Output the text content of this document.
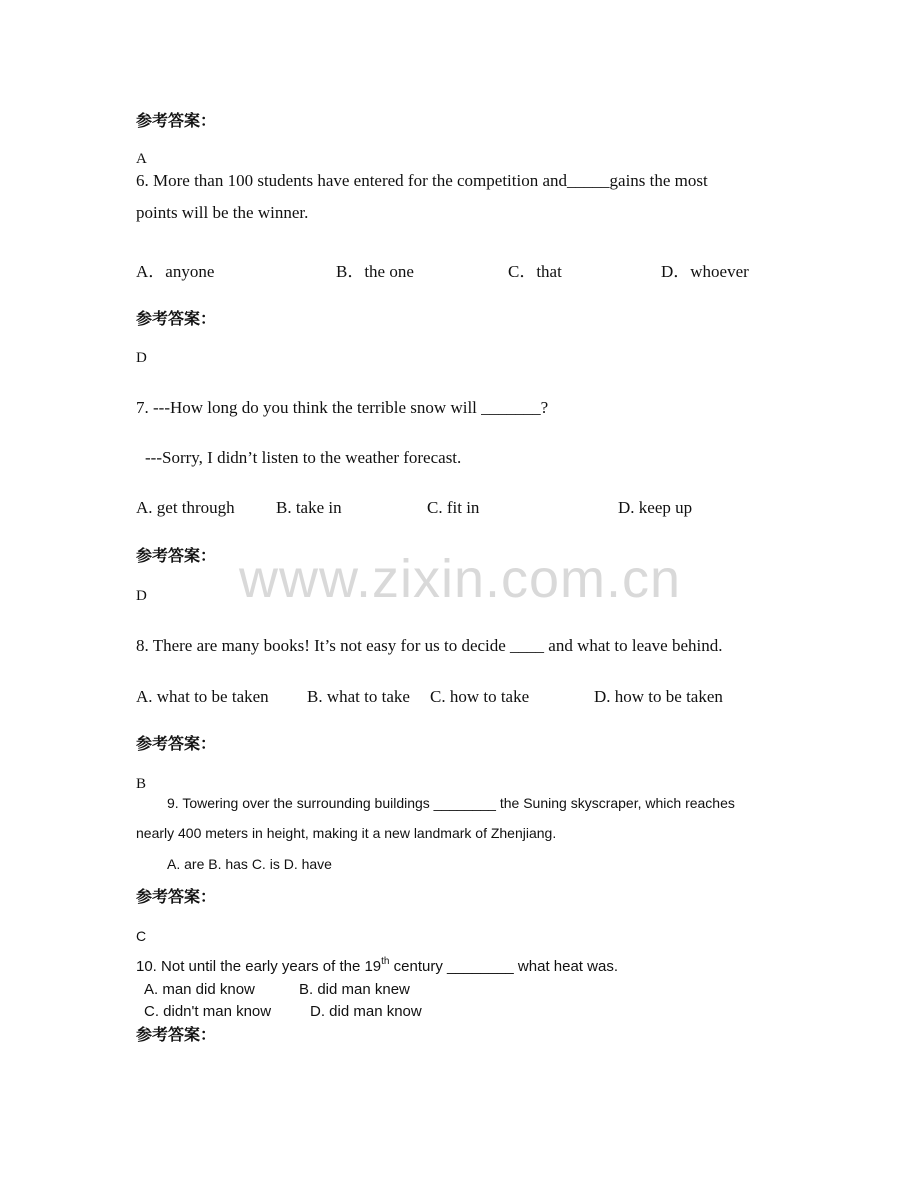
www.zixin.com.cn
参考答案：
A
6. More than 100 students have entered for the competition and_____gains the most
points will be the winner.
A．anyone	B．the one	C．that	D．whoever
参考答案：
D
7. ---How long do you think the terrible snow will _______?
---Sorry, I didn’t listen to the weather forecast.
A. get through B. take in	C. fit in	D. keep up
参考答案：
D
8. There are many books! It’s not easy for us to decide ____ and what to leave behind.
A. what to be taken B. what to take C. how to take	D. how to be taken
参考答案：
B
9. Towering over the surrounding buildings ________ the Suning skyscraper, which reaches
nearly 400 meters in height, making it a new landmark of Zhenjiang.
A. are B. has C. is D. have
参考答案：
C
10. Not until the early years of the 19th century ________ what heat was.
A. man did know	B. did man knew
C. didn't man know	D. did man know
参考答案：
